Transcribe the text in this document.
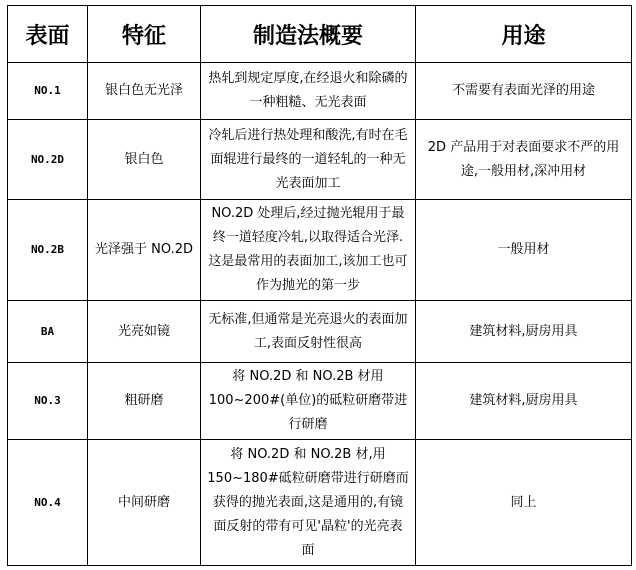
表面	特征	制造法概要	用途
NO.1	银白色无光泽	热轧到规定厚度,在经退火和除磷的一种粗糙、无光表面	不需要有表面光泽的用途
NO.2D	银白色	冷轧后进行热处理和酸洗,有时在毛面辊进行最终的一道轻轧的一种无光表面加工	2D 产品用于对表面要求不严的用途,一般用材,深冲用材
NO.2B	光泽强于 NO.2D	NO.2D 处理后,经过抛光辊用于最终一道轻度冷轧,以取得适合光泽.这是最常用的表面加工,该加工也可作为抛光的第一步	一般用材
BA	光亮如镜	无标准,但通常是光亮退火的表面加工,表面反射性很高	建筑材料,厨房用具
NO.3	粗研磨	将 NO.2D 和 NO.2B 材用 100~200#(单位)的砥粒研磨带进行研磨	建筑材料,厨房用具
NO.4	中间研磨	将 NO.2D 和 NO.2B 材,用 150~180#砥粒研磨带进行研磨而获得的抛光表面,这是通用的,有镜面反射的带有可见'晶粒'的光亮表面	同上
